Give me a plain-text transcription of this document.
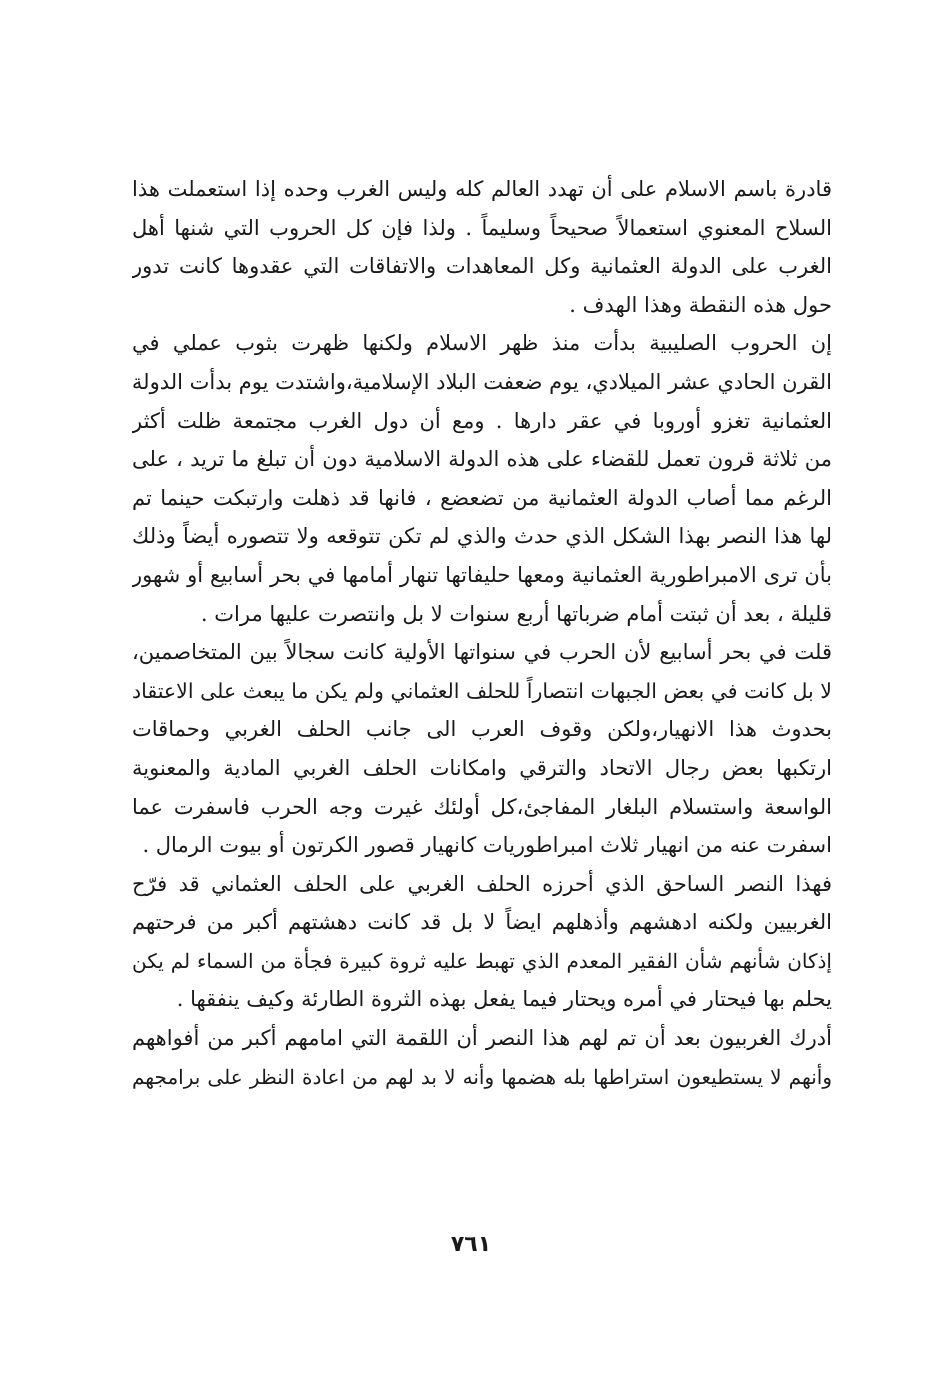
قادرة باسم الاسلام على أن تهدد العالم كله وليس الغرب وحده إذا استعملت هذا
السلاح المعنوي استعمالاً صحيحاً وسليماً . ولذا فإن كل الحروب التي شنها أهل
الغرب على الدولة العثمانية وكل المعاهدات والاتفاقات التي عقدوها كانت تدور
حول هذه النقطة وهذا الهدف .
إن الحروب الصليبية بدأت منذ ظهر الاسلام ولكنها ظهرت بثوب عملي في
القرن الحادي عشر الميلادي، يوم ضعفت البلاد الإسلامية،واشتدت يوم بدأت الدولة
العثمانية تغزو أوروبا في عقر دارها . ومع أن دول الغرب مجتمعة ظلت أكثر
من ثلاثة قرون تعمل للقضاء على هذه الدولة الاسلامية دون أن تبلغ ما تريد ، على
الرغم مما أصاب الدولة العثمانية من تضعضع ، فانها قد ذهلت وارتبكت حينما تم
لها هذا النصر بهذا الشكل الذي حدث والذي لم تكن تتوقعه ولا تتصوره أيضاً وذلك
بأن ترى الامبراطورية العثمانية ومعها حليفاتها تنهار أمامها في بحر أسابيع أو شهور
قليلة ، بعد أن ثبتت أمام ضرباتها أربع سنوات لا بل وانتصرت عليها مرات .
قلت في بحر أسابيع لأن الحرب في سنواتها الأولية كانت سجالاً بين المتخاصمين،
لا بل كانت في بعض الجبهات انتصاراً للحلف العثماني ولم يكن ما يبعث على الاعتقاد
بحدوث هذا الانهيار،ولكن وقوف العرب الى جانب الحلف الغربي وحماقات
ارتكبها بعض رجال الاتحاد والترقي وامكانات الحلف الغربي المادية والمعنوية
الواسعة واستسلام البلغار المفاجئ،كل أولئك غيرت وجه الحرب فاسفرت عما
اسفرت عنه من انهيار ثلاث امبراطوريات كانهيار قصور الكرتون أو بيوت الرمال .
فهذا النصر الساحق الذي أحرزه الحلف الغربي على الحلف العثماني قد فرّح
الغربيين ولكنه ادهشهم وأذهلهم ايضاً لا بل قد كانت دهشتهم أكبر من فرحتهم
إذكان شأنهم شأن الفقير المعدم الذي تهبط عليه ثروة كبيرة فجأة من السماء لم يكن
يحلم بها فيحتار في أمره ويحتار فيما يفعل بهذه الثروة الطارئة وكيف ينفقها .
أدرك الغربيون بعد أن تم لهم هذا النصر أن اللقمة التي امامهم أكبر من أفواههم
وأنهم لا يستطيعون استراطها بله هضمها وأنه لا بد لهم من اعادة النظر على برامجهم
٧٦١
